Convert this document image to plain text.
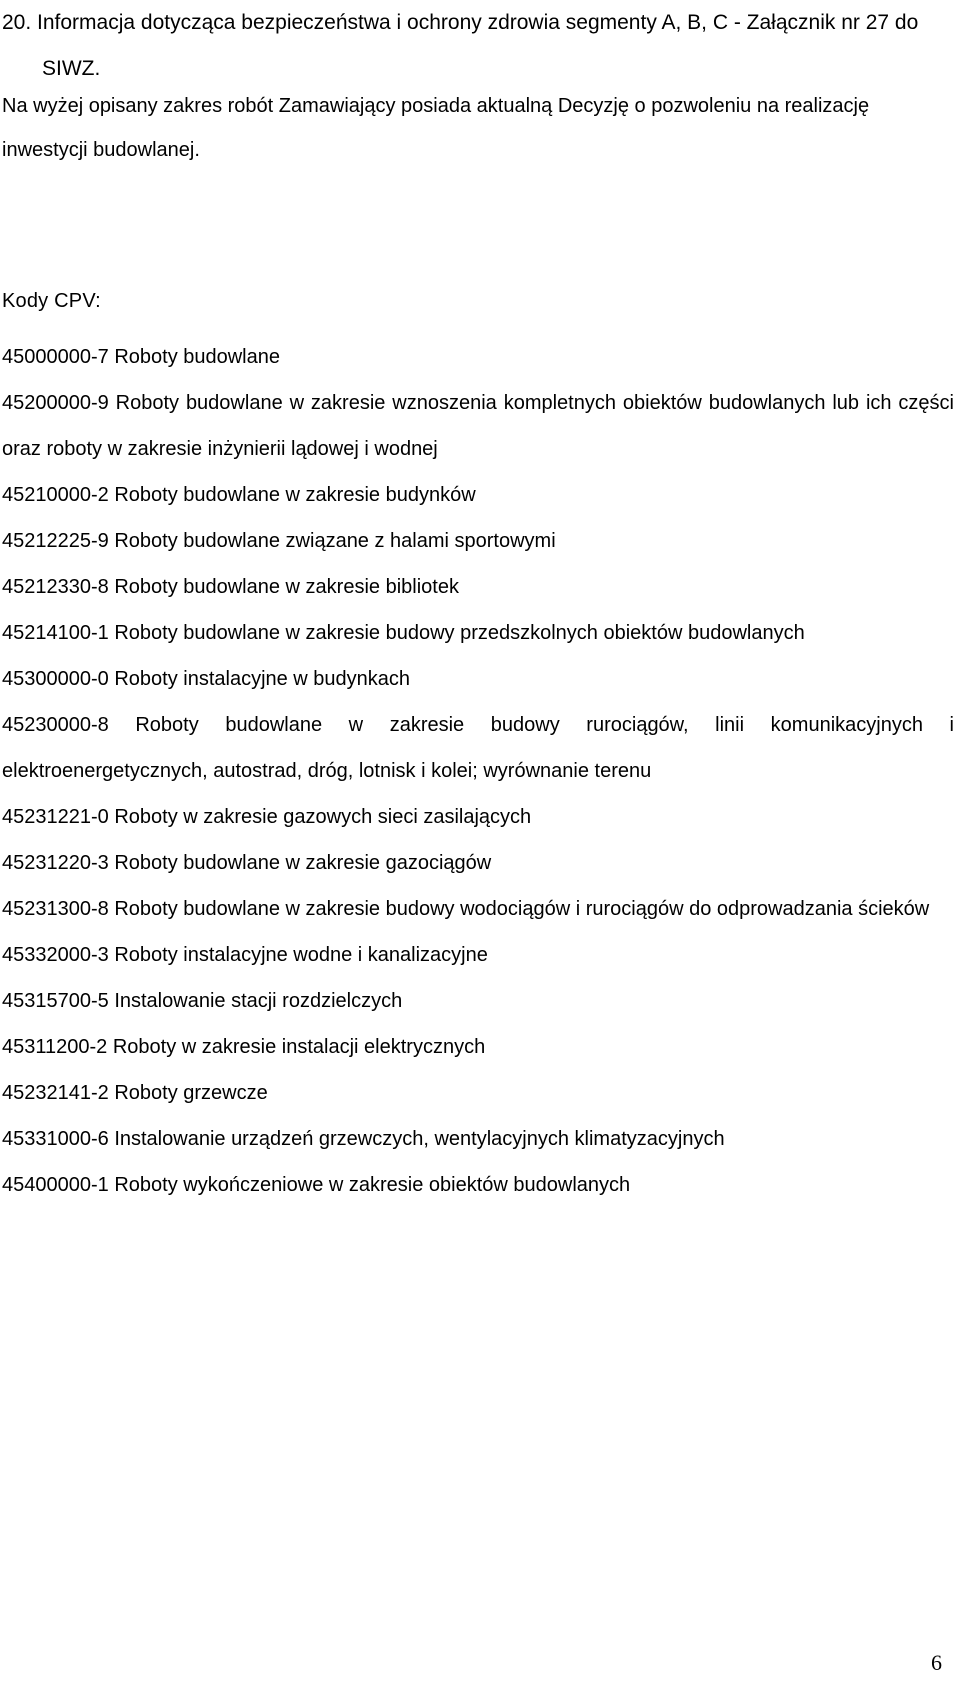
20. Informacja dotycząca bezpieczeństwa i ochrony zdrowia segmenty A, B, C - Załącznik nr 27 do
SIWZ.

Na wyżej opisany zakres robót Zamawiający posiada aktualną Decyzję o pozwoleniu na realizację inwestycji budowlanej.

Kody CPV:
45000000-7 Roboty budowlane
45200000-9 Roboty budowlane w zakresie wznoszenia kompletnych obiektów budowlanych lub ich części oraz roboty w zakresie inżynierii lądowej i wodnej
45210000-2 Roboty budowlane w zakresie budynków
45212225-9 Roboty budowlane związane z halami sportowymi
45212330-8 Roboty budowlane w zakresie bibliotek
45214100-1 Roboty budowlane w zakresie budowy przedszkolnych obiektów budowlanych
45300000-0 Roboty instalacyjne w budynkach
45230000-8 Roboty budowlane w zakresie budowy rurociągów, linii komunikacyjnych i elektroenergetycznych, autostrad, dróg, lotnisk i kolei; wyrównanie terenu
45231221-0 Roboty w zakresie gazowych sieci zasilających
45231220-3 Roboty budowlane w zakresie gazociągów
45231300-8 Roboty budowlane w zakresie budowy wodociągów i rurociągów do odprowadzania ścieków
45332000-3 Roboty instalacyjne wodne i kanalizacyjne
45315700-5 Instalowanie stacji rozdzielczych
45311200-2 Roboty w zakresie instalacji elektrycznych
45232141-2 Roboty grzewcze
45331000-6 Instalowanie urządzeń grzewczych, wentylacyjnych klimatyzacyjnych
45400000-1 Roboty wykończeniowe w zakresie obiektów budowlanych
6
